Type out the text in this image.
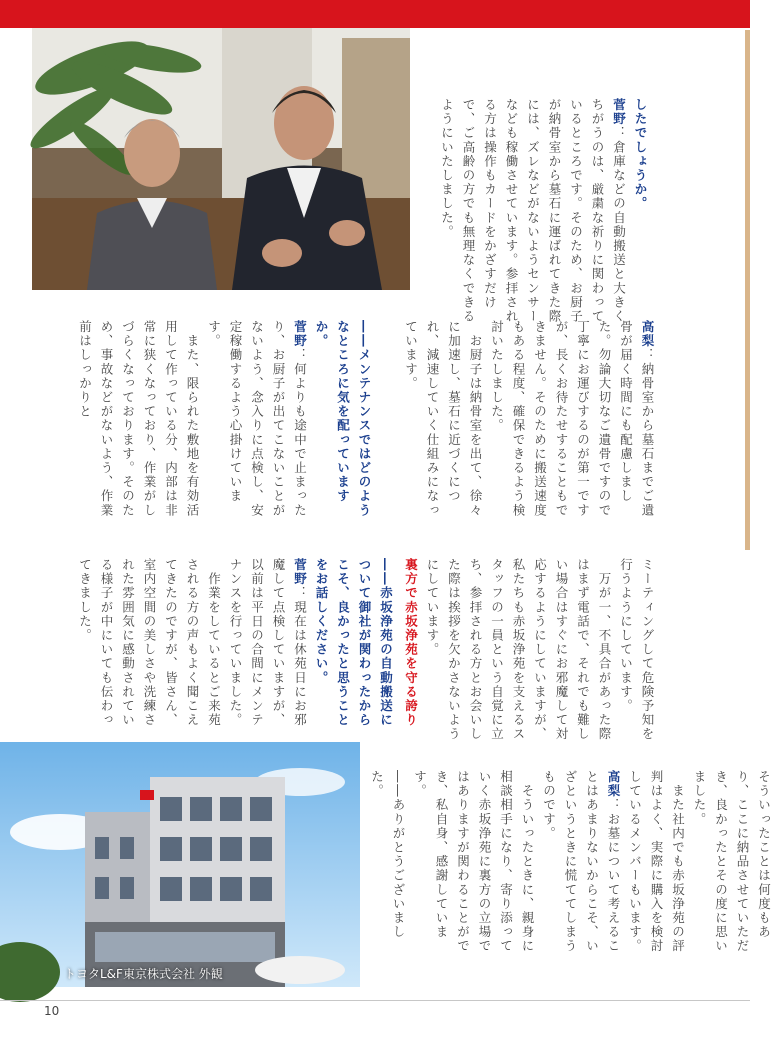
したでしょうか。

菅野：倉庫などの自動搬送と大きくちがうのは、厳粛な祈りに関わっているところです。そのため、お厨子が納骨室から墓石に運ばれてきた際には、ズレなどがないようセンサーなども稼働させています。参拝される方は操作もカードをかざすだけで、ご高齢の方でも無理なくできるようにいたしました。

高梨：納骨室から墓石までご遺骨が届く時間にも配慮しました。勿論大切なご遺骨ですので丁寧にお運びするのが第一ですが、長くお待たせすることもできません。そのために搬送速度もある程度、確保できるよう検討いたしました。

　お厨子は納骨室を出て、徐々に加速し、墓石に近づくにつれ、減速していく仕組みになっています。

――メンテナンスではどのようなところに気を配っていますか。

菅野：何よりも途中で止まったり、お厨子が出てこないことがないよう、念入りに点検し、安定稼働するよう心掛けています。

　また、限られた敷地を有効活用して作っている分、内部は非常に狭くなっており、作業がしづらくなっております。そのため、事故などがないよう、作業前はしっかりと

ミーティングして危険予知を行うようにしています。

　万が一、不具合があった際はまず電話で、それでも難しい場合はすぐにお邪魔して対応するようにしていますが、私たちも赤坂浄苑を支えるスタッフの一員という自覚に立ち、参拝される方とお会いした際は挨拶を欠かさないようにしています。

裏方で赤坂浄苑を守る誇り

――赤坂浄苑の自動搬送について御社が関わったからこそ、良かったと思うことをお話しください。

菅野：現在は休苑日にお邪魔して点検していますが、以前は平日の合間にメンテナンスを行っていました。

　作業をしているとご来苑される方の声もよく聞こえてきたのですが、皆さん、室内空間の美しさや洗練された雰囲気に感動されている様子が中にいても伝わってきました。

そういったことは何度もあり、ここに納品させていただき、良かったとその度に思いました。

　また社内でも赤坂浄苑の評判はよく、実際に購入を検討しているメンバーもいます。

高梨：お墓について考えることはあまりないからこそ、いざというときに慌ててしまうものです。

　そういったときに、親身に相談相手になり、寄り添っていく赤坂浄苑に裏方の立場ではありますが関わることができ、私自身、感謝しています。

――ありがとうございました。

トヨタL&F東京株式会社 外観
10
